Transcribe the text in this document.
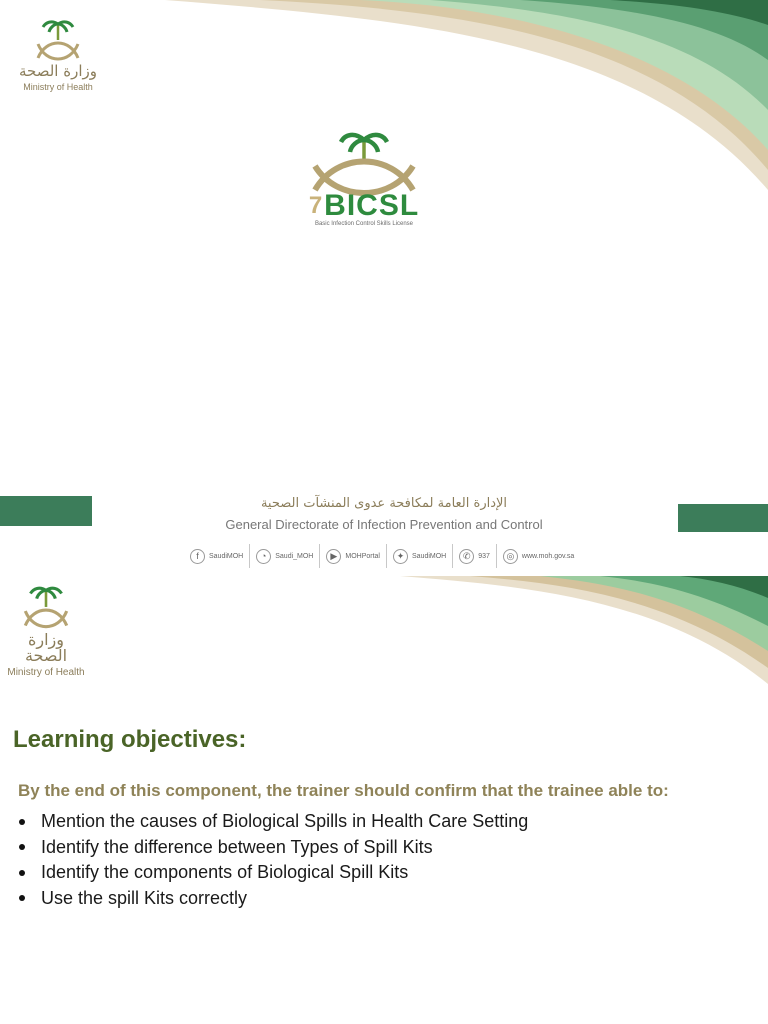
وزارة الصحة
Ministry of Health
7 BICSL
Basic Infection Control Skills License
الإدارة العامة لمكافحة عدوى المنشآت الصحية
General Directorate of Infection Prevention and Control
f	SaudiMOH	◔	Saudi_MOH	▶	MOHPortal	✦	SaudiMOH	✆	937	◎	www.moh.gov.sa
وزارة الصحة
Ministry of Health
Learning objectives:

By the end of this component, the trainer should confirm that the trainee able to:

Mention the causes of Biological Spills in Health Care Setting
Identify the difference between Types of Spill Kits
Identify the components of Biological Spill Kits
Use the spill Kits correctly
